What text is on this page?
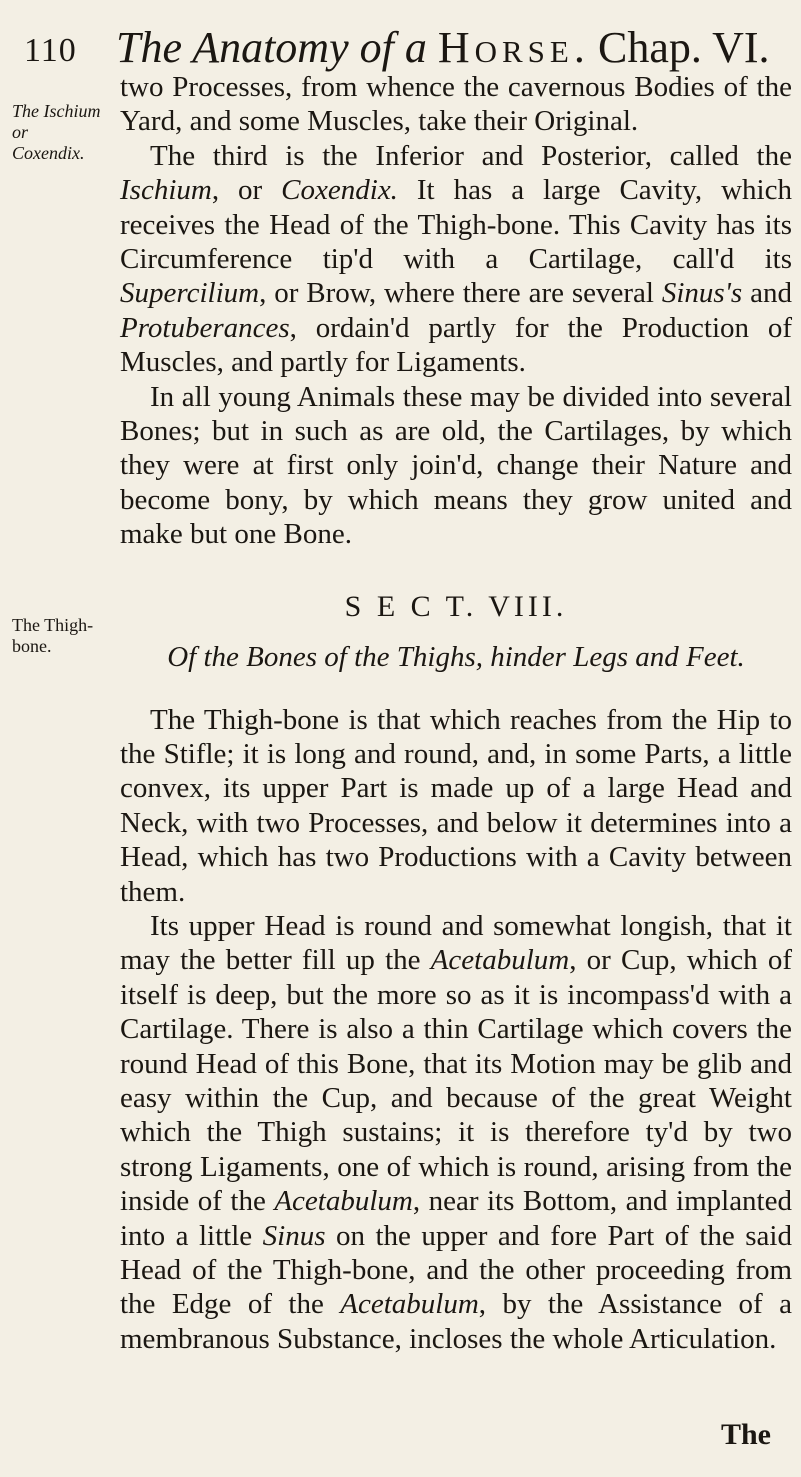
110 The Anatomy of a Horse. Chap. VI.
The Ischium
or Coxendix.
The Thigh-
bone.

two Processes, from whence the cavernous Bodies of the Yard, and some Muscles, take their Original.

The third is the Inferior and Posterior, called the Ischium, or Coxendix. It has a large Cavity, which receives the Head of the Thigh-bone. This Cavity has its Circumference tip'd with a Cartilage, call'd its Supercilium, or Brow, where there are several Sinus's and Protuberances, ordain'd partly for the Production of Muscles, and partly for Ligaments.

In all young Animals these may be divided into several Bones; but in such as are old, the Cartilages, by which they were at first only join'd, change their Nature and become bony, by which means they grow united and make but one Bone.

S E C T. VIII.
Of the Bones of the Thighs, hinder Legs and Feet.

The Thigh-bone is that which reaches from the Hip to the Stifle; it is long and round, and, in some Parts, a little convex, its upper Part is made up of a large Head and Neck, with two Processes, and below it determines into a Head, which has two Productions with a Cavity between them.

Its upper Head is round and somewhat longish, that it may the better fill up the Acetabulum, or Cup, which of itself is deep, but the more so as it is incompass'd with a Cartilage. There is also a thin Cartilage which covers the round Head of this Bone, that its Motion may be glib and easy within the Cup, and because of the great Weight which the Thigh sustains; it is therefore ty'd by two strong Ligaments, one of which is round, arising from the inside of the Acetabulum, near its Bottom, and implanted into a little Sinus on the upper and fore Part of the said Head of the Thigh-bone, and the other proceeding from the Edge of the Acetabulum, by the Assistance of a membranous Substance, incloses the whole Articulation.

The
